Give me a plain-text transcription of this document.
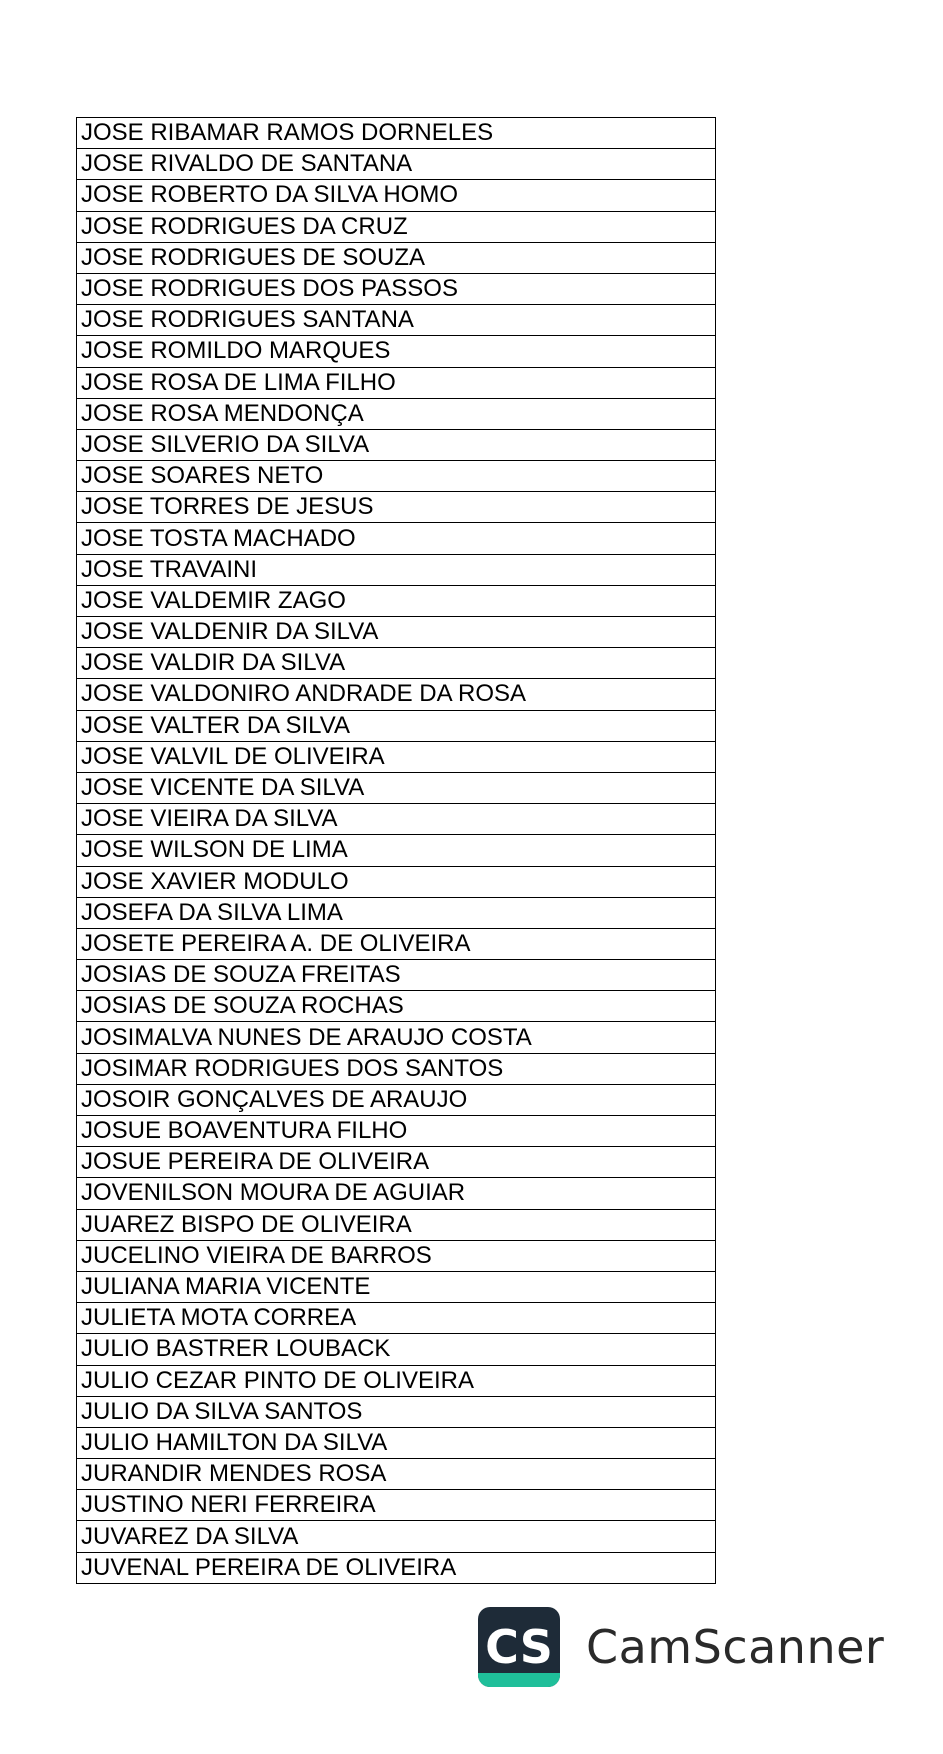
JOSE RIBAMAR RAMOS DORNELES
JOSE RIVALDO DE SANTANA
JOSE ROBERTO DA SILVA HOMO
JOSE RODRIGUES DA CRUZ
JOSE RODRIGUES DE SOUZA
JOSE RODRIGUES DOS PASSOS
JOSE RODRIGUES SANTANA
JOSE ROMILDO MARQUES
JOSE ROSA DE LIMA FILHO
JOSE ROSA MENDONÇA
JOSE SILVERIO DA SILVA
JOSE SOARES NETO
JOSE TORRES DE JESUS
JOSE TOSTA MACHADO
JOSE TRAVAINI
JOSE VALDEMIR ZAGO
JOSE VALDENIR DA SILVA
JOSE VALDIR DA SILVA
JOSE VALDONIRO ANDRADE DA ROSA
JOSE VALTER DA SILVA
JOSE VALVIL DE OLIVEIRA
JOSE VICENTE DA SILVA
JOSE VIEIRA DA SILVA
JOSE WILSON DE LIMA
JOSE XAVIER MODULO
JOSEFA DA SILVA LIMA
JOSETE PEREIRA A. DE OLIVEIRA
JOSIAS DE SOUZA FREITAS
JOSIAS DE SOUZA ROCHAS
JOSIMALVA NUNES DE ARAUJO COSTA
JOSIMAR RODRIGUES DOS SANTOS
JOSOIR GONÇALVES DE ARAUJO
JOSUE BOAVENTURA FILHO
JOSUE PEREIRA DE OLIVEIRA
JOVENILSON MOURA DE AGUIAR
JUAREZ BISPO DE OLIVEIRA
JUCELINO VIEIRA DE BARROS
JULIANA MARIA VICENTE
JULIETA MOTA CORREA
JULIO BASTRER LOUBACK
JULIO CEZAR PINTO DE OLIVEIRA
JULIO DA SILVA SANTOS
JULIO HAMILTON DA SILVA
JURANDIR MENDES ROSA
JUSTINO NERI FERREIRA
JUVAREZ DA SILVA
JUVENAL PEREIRA DE OLIVEIRA
CS CamScanner
